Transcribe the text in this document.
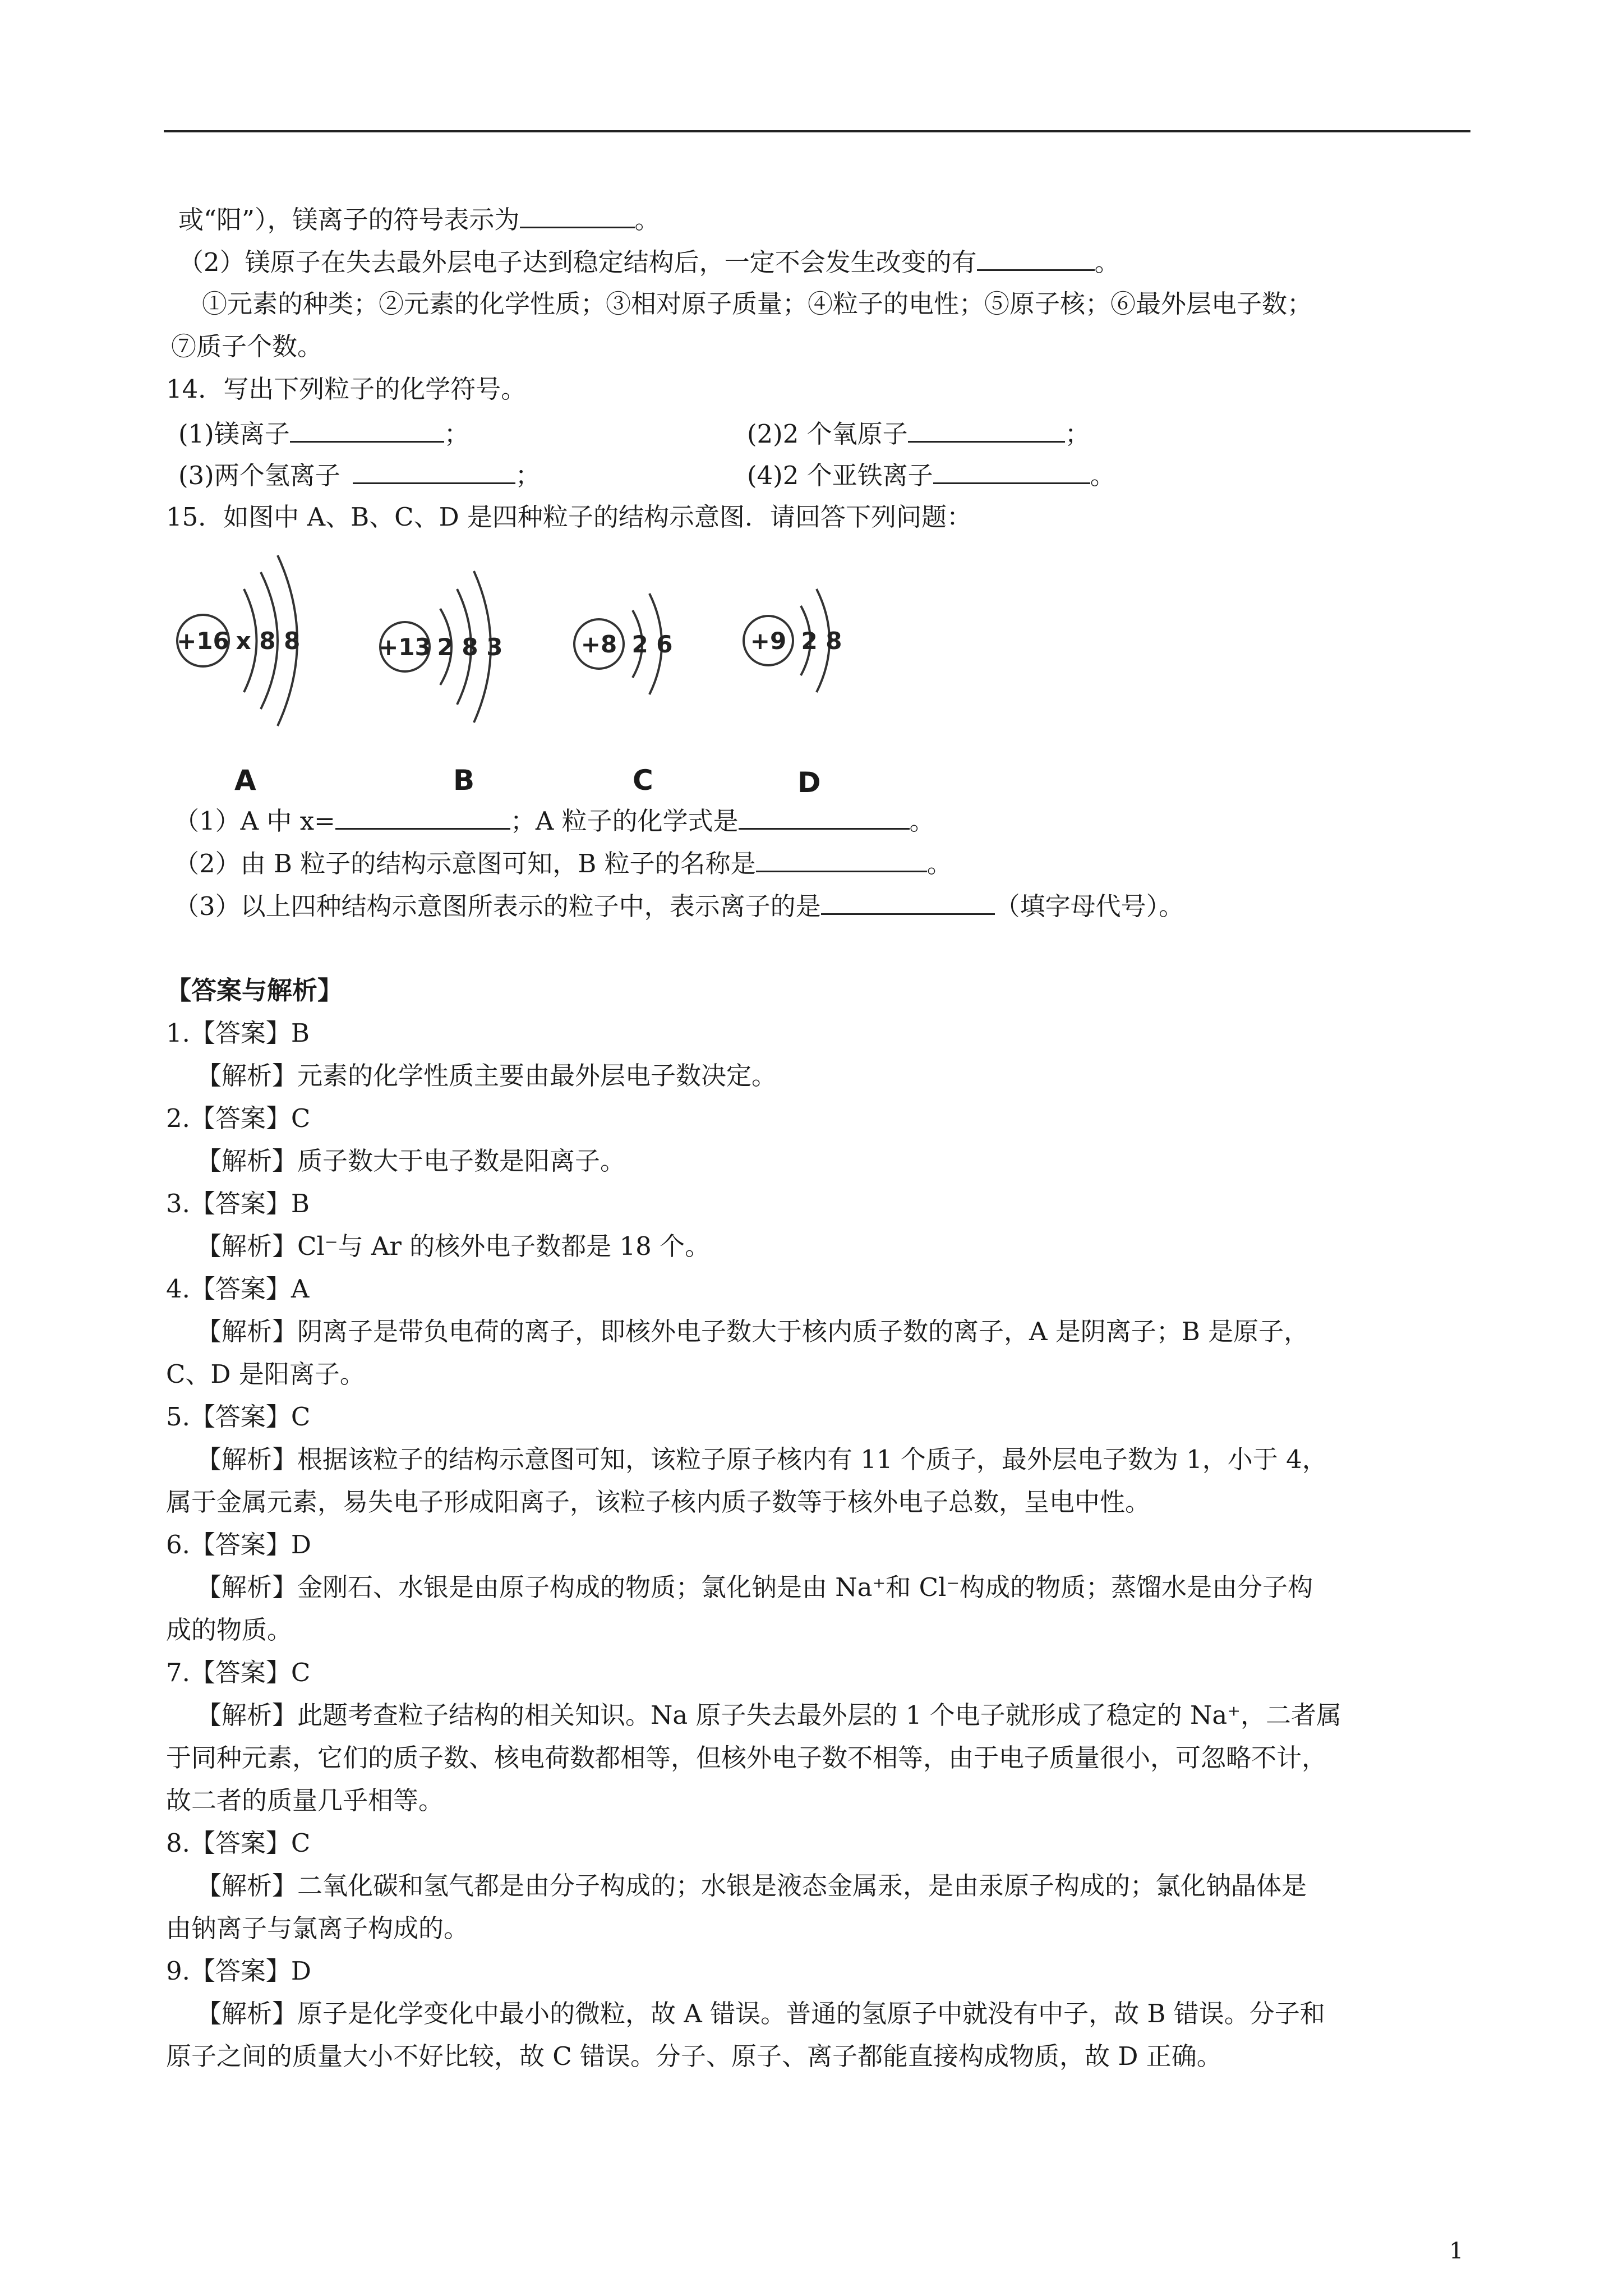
或“阳”），镁离子的符号表示为	。
（2）镁原子在失去最外层电子达到稳定结构后，一定不会发生改变的有	。
①元素的种类；②元素的化学性质；③相对原子质量；④粒子的电性；⑤原子核；⑥最外层电子数；
⑦质子个数。
14．写出下列粒子的化学符号。
(1)镁离子	；	(2)2 个氧原子	；
(3)两个氢离子	；	(4)2 个亚铁离子	。
15．如图中 A、B、C、D 是四种粒子的结构示意图．请回答下列问题：
+16 x 8 8	+13 2 8 3	+8 2 6	+9 2 8
A	B	C	D
（1）A 中 x=	；A 粒子的化学式是	。
（2）由 B 粒子的结构示意图可知，B 粒子的名称是	。
（3）以上四种结构示意图所表示的粒子中，表示离子的是	（填字母代号）。
【答案与解析】
1.【答案】B
【解析】元素的化学性质主要由最外层电子数决定。
2.【答案】C
【解析】质子数大于电子数是阳离子。
3.【答案】B
【解析】Cl⁻与 Ar 的核外电子数都是 18 个。
4.【答案】A
【解析】阴离子是带负电荷的离子，即核外电子数大于核内质子数的离子，A 是阴离子；B 是原子，
C、D 是阳离子。
5.【答案】C
【解析】根据该粒子的结构示意图可知，该粒子原子核内有 11 个质子，最外层电子数为 1，小于 4，
属于金属元素，易失电子形成阳离子，该粒子核内质子数等于核外电子总数，呈电中性。
6.【答案】D
【解析】金刚石、水银是由原子构成的物质；氯化钠是由 Na⁺和 Cl⁻构成的物质；蒸馏水是由分子构
成的物质。
7.【答案】C
【解析】此题考查粒子结构的相关知识。Na 原子失去最外层的 1 个电子就形成了稳定的 Na⁺，二者属
于同种元素，它们的质子数、核电荷数都相等，但核外电子数不相等，由于电子质量很小，可忽略不计，
故二者的质量几乎相等。
8.【答案】C
【解析】二氧化碳和氢气都是由分子构成的；水银是液态金属汞，是由汞原子构成的；氯化钠晶体是
由钠离子与氯离子构成的。
9.【答案】D
【解析】原子是化学变化中最小的微粒，故 A 错误。普通的氢原子中就没有中子，故 B 错误。分子和
原子之间的质量大小不好比较，故 C 错误。分子、原子、离子都能直接构成物质，故 D 正确。
1
